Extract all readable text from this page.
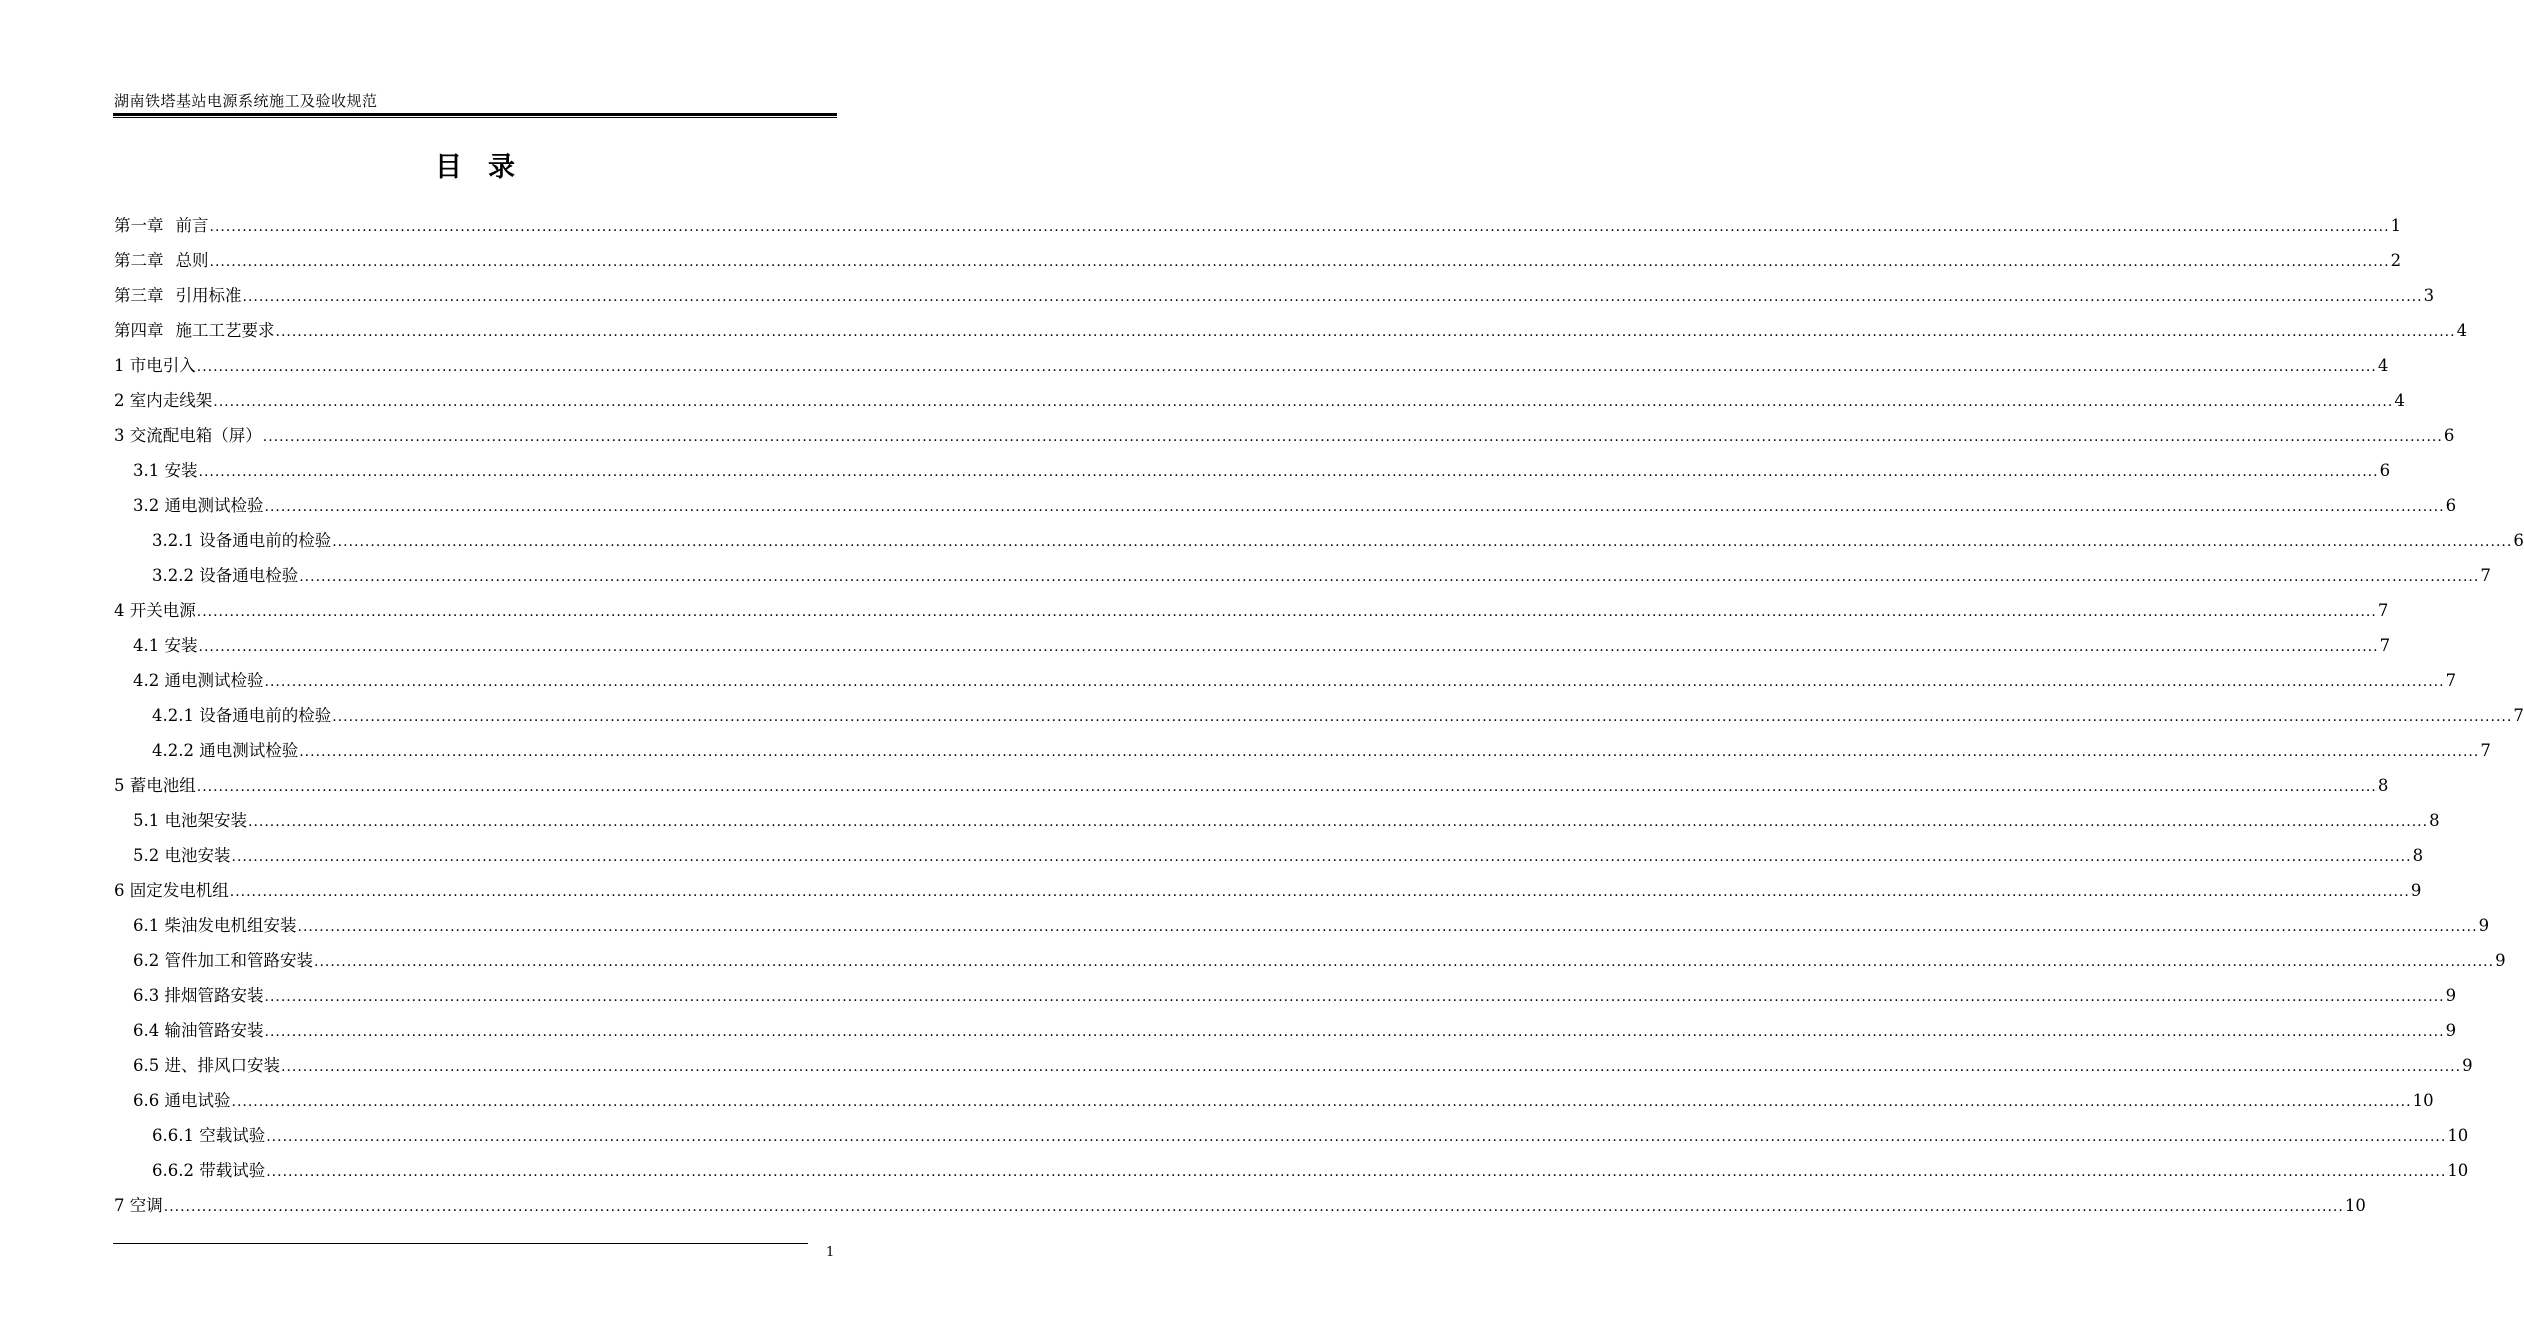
湖南铁塔基站电源系统施工及验收规范
目录
第一章 前言 ................................................................................................................................................................................................................................................................................................................................................................................................................ 1
第二章 总则 ................................................................................................................................................................................................................................................................................................................................................................................................................ 2
第三章 引用标准 ................................................................................................................................................................................................................................................................................................................................................................................................................ 3
第四章 施工工艺要求 ................................................................................................................................................................................................................................................................................................................................................................................................................ 4
1 市电引入 ................................................................................................................................................................................................................................................................................................................................................................................................................ 4
2 室内走线架 ................................................................................................................................................................................................................................................................................................................................................................................................................ 4
3 交流配电箱（屏） ................................................................................................................................................................................................................................................................................................................................................................................................................ 6
3.1 安装 ................................................................................................................................................................................................................................................................................................................................................................................................................ 6
3.2 通电测试检验 ................................................................................................................................................................................................................................................................................................................................................................................................................ 6
3.2.1 设备通电前的检验 ................................................................................................................................................................................................................................................................................................................................................................................................................ 6
3.2.2 设备通电检验 ................................................................................................................................................................................................................................................................................................................................................................................................................ 7
4 开关电源 ................................................................................................................................................................................................................................................................................................................................................................................................................ 7
4.1 安装 ................................................................................................................................................................................................................................................................................................................................................................................................................ 7
4.2 通电测试检验 ................................................................................................................................................................................................................................................................................................................................................................................................................ 7
4.2.1 设备通电前的检验 ................................................................................................................................................................................................................................................................................................................................................................................................................ 7
4.2.2 通电测试检验 ................................................................................................................................................................................................................................................................................................................................................................................................................ 7
5 蓄电池组 ................................................................................................................................................................................................................................................................................................................................................................................................................ 8
5.1 电池架安装 ................................................................................................................................................................................................................................................................................................................................................................................................................ 8
5.2 电池安装 ................................................................................................................................................................................................................................................................................................................................................................................................................ 8
6 固定发电机组 ................................................................................................................................................................................................................................................................................................................................................................................................................ 9
6.1 柴油发电机组安装 ................................................................................................................................................................................................................................................................................................................................................................................................................ 9
6.2 管件加工和管路安装 ................................................................................................................................................................................................................................................................................................................................................................................................................ 9
6.3 排烟管路安装 ................................................................................................................................................................................................................................................................................................................................................................................................................ 9
6.4 输油管路安装 ................................................................................................................................................................................................................................................................................................................................................................................................................ 9
6.5 进、排风口安装 ................................................................................................................................................................................................................................................................................................................................................................................................................ 9
6.6 通电试验 ................................................................................................................................................................................................................................................................................................................................................................................................................ 10
6.6.1 空载试验 ................................................................................................................................................................................................................................................................................................................................................................................................................ 10
6.6.2 带载试验 ................................................................................................................................................................................................................................................................................................................................................................................................................ 10
7 空调 ................................................................................................................................................................................................................................................................................................................................................................................................................ 10
1
